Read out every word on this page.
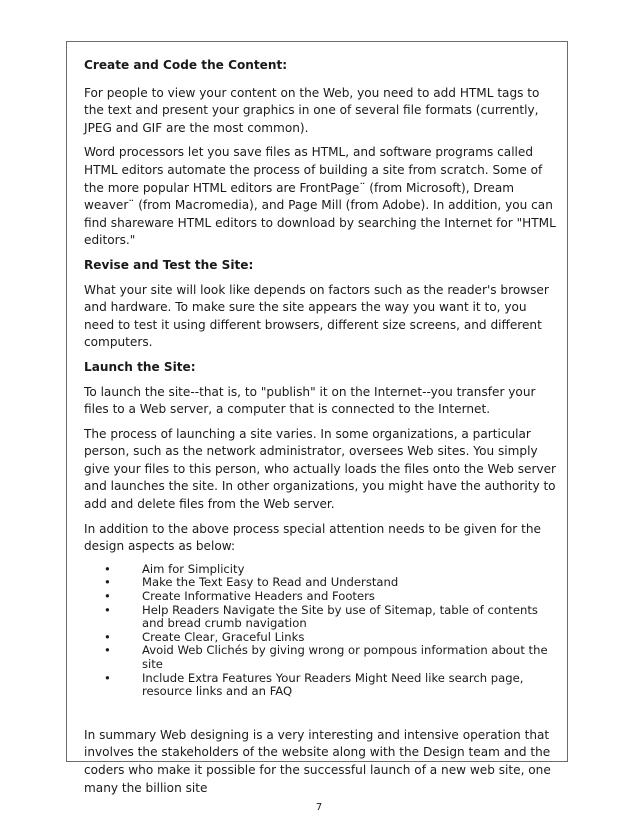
Create and Code the Content:

For people to view your content on the Web, you need to add HTML tags to the text and present your graphics in one of several file formats (currently, JPEG and GIF are the most common).

Word processors let you save files as HTML, and software programs called HTML editors automate the process of building a site from scratch. Some of the more popular HTML editors are FrontPage¨ (from Microsoft), Dream weaver¨ (from Macromedia), and Page Mill (from Adobe). In addition, you can find shareware HTML editors to download by searching the Internet for "HTML editors."

Revise and Test the Site:

What your site will look like depends on factors such as the reader's browser and hardware. To make sure the site appears the way you want it to, you need to test it using different browsers, different size screens, and different computers.

Launch the Site:

To launch the site--that is, to "publish" it on the Internet--you transfer your files to a Web server, a computer that is connected to the Internet.

The process of launching a site varies. In some organizations, a particular person, such as the network administrator, oversees Web sites. You simply give your files to this person, who actually loads the files onto the Web server and launches the site. In other organizations, you might have the authority to add and delete files from the Web server.

In addition to the above process special attention needs to be given for the design aspects as below:

•	Aim for Simplicity
•	Make the Text Easy to Read and Understand
•	Create Informative Headers and Footers
•	Help Readers Navigate the Site by use of Sitemap, table of contents and bread crumb navigation
•	Create Clear, Graceful Links
•	Avoid Web Clichés by giving wrong or pompous information about the site
•	Include Extra Features Your Readers Might Need like search page, resource links and an FAQ

In summary Web designing is a very interesting and intensive operation that involves the stakeholders of the website along with the Design team and the coders who make it possible for the successful launch of a new web site, one many the billion site

7
